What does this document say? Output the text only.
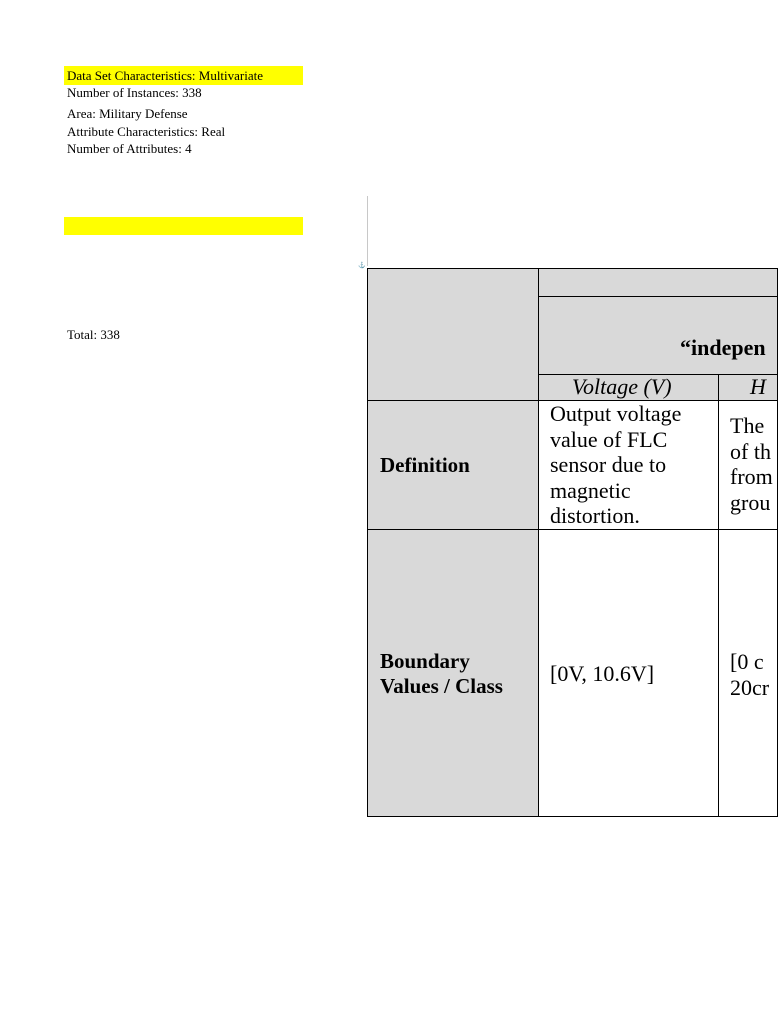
Data Set Characteristics: Multivariate
Number of Instances: 338
Area: Military Defense
Attribute Characteristics: Real
Number of Attributes: 4
Total: 338
⚓
“indepen
Voltage (V)	H
Definition
Output voltage
value of FLC
sensor due to
magnetic
distortion.
The
of th
from
grou
Boundary
Values / Class [0V, 10.6V]	[0 c
20cr
